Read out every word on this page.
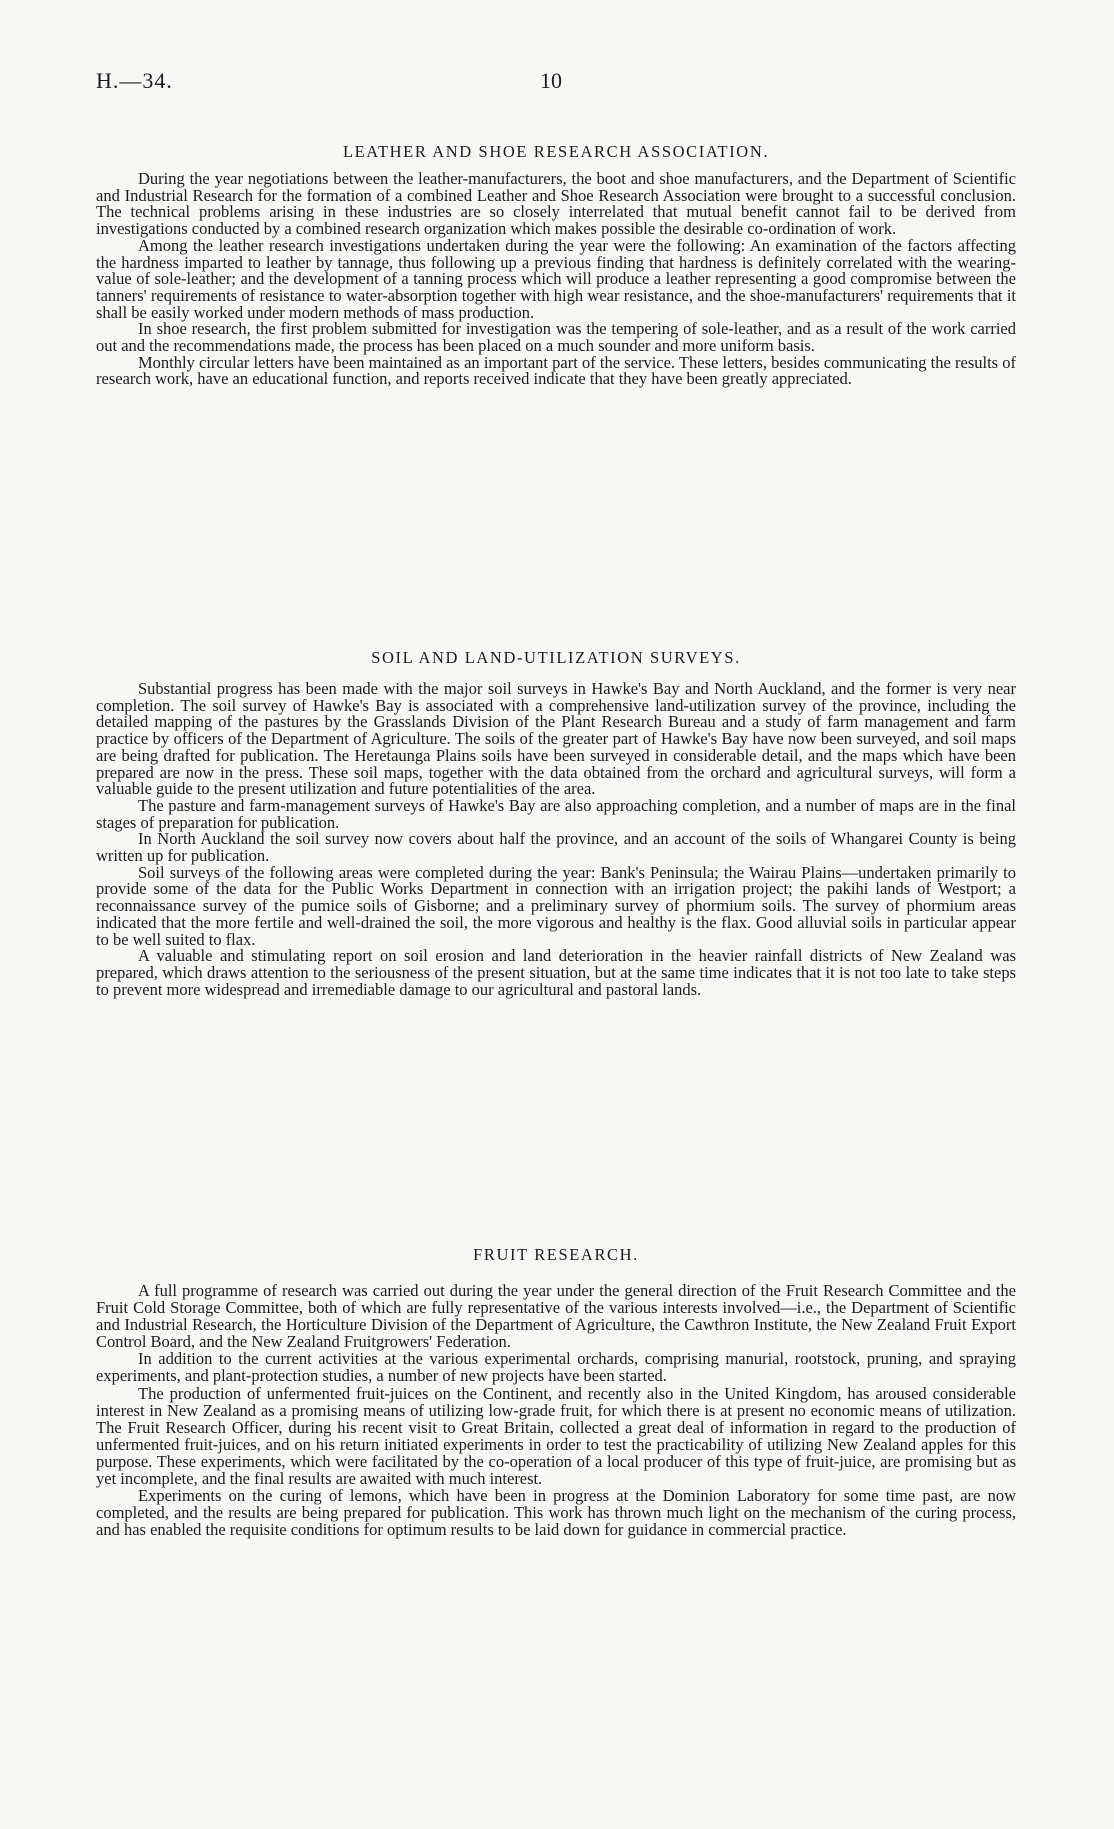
H.—34.	10
LEATHER AND SHOE RESEARCH ASSOCIATION.

During the year negotiations between the leather-manufacturers, the boot and shoe manufacturers, and the Department of Scientific and Industrial Research for the formation of a combined Leather and Shoe Research Association were brought to a successful conclusion. The technical problems arising in these industries are so closely interrelated that mutual benefit cannot fail to be derived from investigations conducted by a combined research organization which makes possible the desirable co-ordination of work.

Among the leather research investigations undertaken during the year were the following: An examination of the factors affecting the hardness imparted to leather by tannage, thus following up a previous finding that hardness is definitely correlated with the wearing-value of sole-leather; and the development of a tanning process which will produce a leather representing a good compromise between the tanners' requirements of resistance to water-absorption together with high wear resistance, and the shoe-manufacturers' requirements that it shall be easily worked under modern methods of mass production.

In shoe research, the first problem submitted for investigation was the tempering of sole-leather, and as a result of the work carried out and the recommendations made, the process has been placed on a much sounder and more uniform basis.

Monthly circular letters have been maintained as an important part of the service. These letters, besides communicating the results of research work, have an educational function, and reports received indicate that they have been greatly appreciated.

SOIL AND LAND-UTILIZATION SURVEYS.

Substantial progress has been made with the major soil surveys in Hawke's Bay and North Auckland, and the former is very near completion. The soil survey of Hawke's Bay is associated with a comprehensive land-utilization survey of the province, including the detailed mapping of the pastures by the Grasslands Division of the Plant Research Bureau and a study of farm management and farm practice by officers of the Department of Agriculture. The soils of the greater part of Hawke's Bay have now been surveyed, and soil maps are being drafted for publication. The Heretaunga Plains soils have been surveyed in considerable detail, and the maps which have been prepared are now in the press. These soil maps, together with the data obtained from the orchard and agricultural surveys, will form a valuable guide to the present utilization and future potentialities of the area.

The pasture and farm-management surveys of Hawke's Bay are also approaching completion, and a number of maps are in the final stages of preparation for publication.

In North Auckland the soil survey now covers about half the province, and an account of the soils of Whangarei County is being written up for publication.

Soil surveys of the following areas were completed during the year: Bank's Peninsula; the Wairau Plains—undertaken primarily to provide some of the data for the Public Works Department in connection with an irrigation project; the pakihi lands of Westport; a reconnaissance survey of the pumice soils of Gisborne; and a preliminary survey of phormium soils. The survey of phormium areas indicated that the more fertile and well-drained the soil, the more vigorous and healthy is the flax. Good alluvial soils in particular appear to be well suited to flax.

A valuable and stimulating report on soil erosion and land deterioration in the heavier rainfall districts of New Zealand was prepared, which draws attention to the seriousness of the present situation, but at the same time indicates that it is not too late to take steps to prevent more widespread and irremediable damage to our agricultural and pastoral lands.

FRUIT RESEARCH.

A full programme of research was carried out during the year under the general direction of the Fruit Research Committee and the Fruit Cold Storage Committee, both of which are fully representative of the various interests involved—i.e., the Department of Scientific and Industrial Research, the Horticulture Division of the Department of Agriculture, the Cawthron Institute, the New Zealand Fruit Export Control Board, and the New Zealand Fruitgrowers' Federation.

In addition to the current activities at the various experimental orchards, comprising manurial, rootstock, pruning, and spraying experiments, and plant-protection studies, a number of new projects have been started.

The production of unfermented fruit-juices on the Continent, and recently also in the United Kingdom, has aroused considerable interest in New Zealand as a promising means of utilizing low-grade fruit, for which there is at present no economic means of utilization. The Fruit Research Officer, during his recent visit to Great Britain, collected a great deal of information in regard to the production of unfermented fruit-juices, and on his return initiated experiments in order to test the practicability of utilizing New Zealand apples for this purpose. These experiments, which were facilitated by the co-operation of a local producer of this type of fruit-juice, are promising but as yet incomplete, and the final results are awaited with much interest.

Experiments on the curing of lemons, which have been in progress at the Dominion Laboratory for some time past, are now completed, and the results are being prepared for publication. This work has thrown much light on the mechanism of the curing process, and has enabled the requisite conditions for optimum results to be laid down for guidance in commercial practice.
